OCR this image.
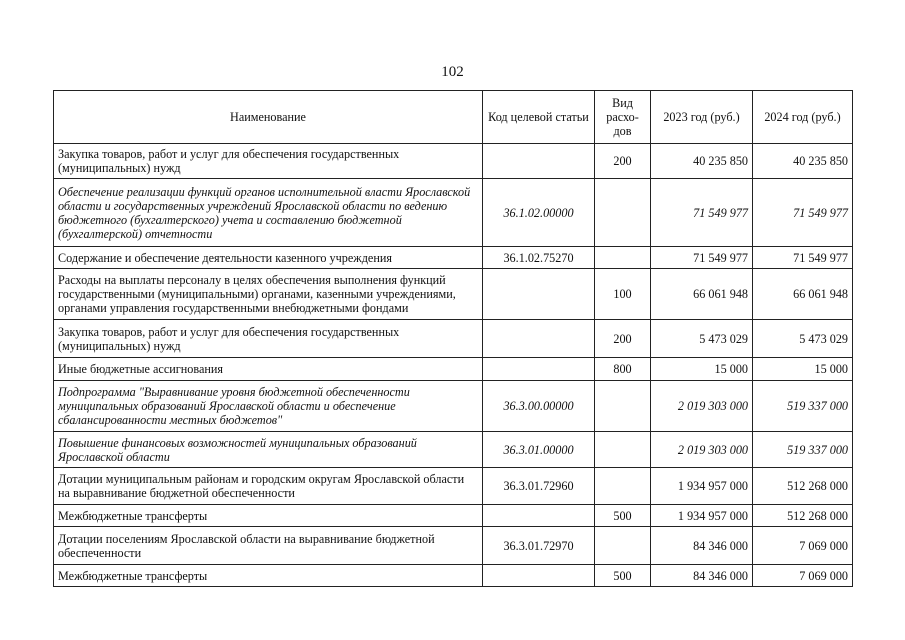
102
Наименование	Код целевой статьи	Вид расхо-дов	2023 год (руб.)	2024 год (руб.)
Закупка товаров, работ и услуг для обеспечения государственных (муниципальных) нужд		200	40 235 850	40 235 850
Обеспечение реализации функций органов исполнительной власти Ярославской области и государственных учреждений Ярославской области по ведению бюджетного (бухгалтерского) учета и составлению бюджетной (бухгалтерской) отчетности	36.1.02.00000		71 549 977	71 549 977
Содержание и обеспечение деятельности казенного учреждения	36.1.02.75270		71 549 977	71 549 977
Расходы на выплаты персоналу в целях обеспечения выполнения функций государственными (муниципальными) органами, казенными учреждениями, органами управления государственными внебюджетными фондами		100	66 061 948	66 061 948
Закупка товаров, работ и услуг для обеспечения государственных (муниципальных) нужд		200	5 473 029	5 473 029
Иные бюджетные ассигнования		800	15 000	15 000
Подпрограмма "Выравнивание уровня бюджетной обеспеченности муниципальных образований Ярославской области и обеспечение сбалансированности местных бюджетов"	36.3.00.00000		2 019 303 000	519 337 000
Повышение финансовых возможностей муниципальных образований Ярославской области	36.3.01.00000		2 019 303 000	519 337 000
Дотации муниципальным районам и городским округам Ярославской области на выравнивание бюджетной обеспеченности	36.3.01.72960		1 934 957 000	512 268 000
Межбюджетные трансферты		500	1 934 957 000	512 268 000
Дотации поселениям Ярославской области на выравнивание бюджетной обеспеченности	36.3.01.72970		84 346 000	7 069 000
Межбюджетные трансферты		500	84 346 000	7 069 000
